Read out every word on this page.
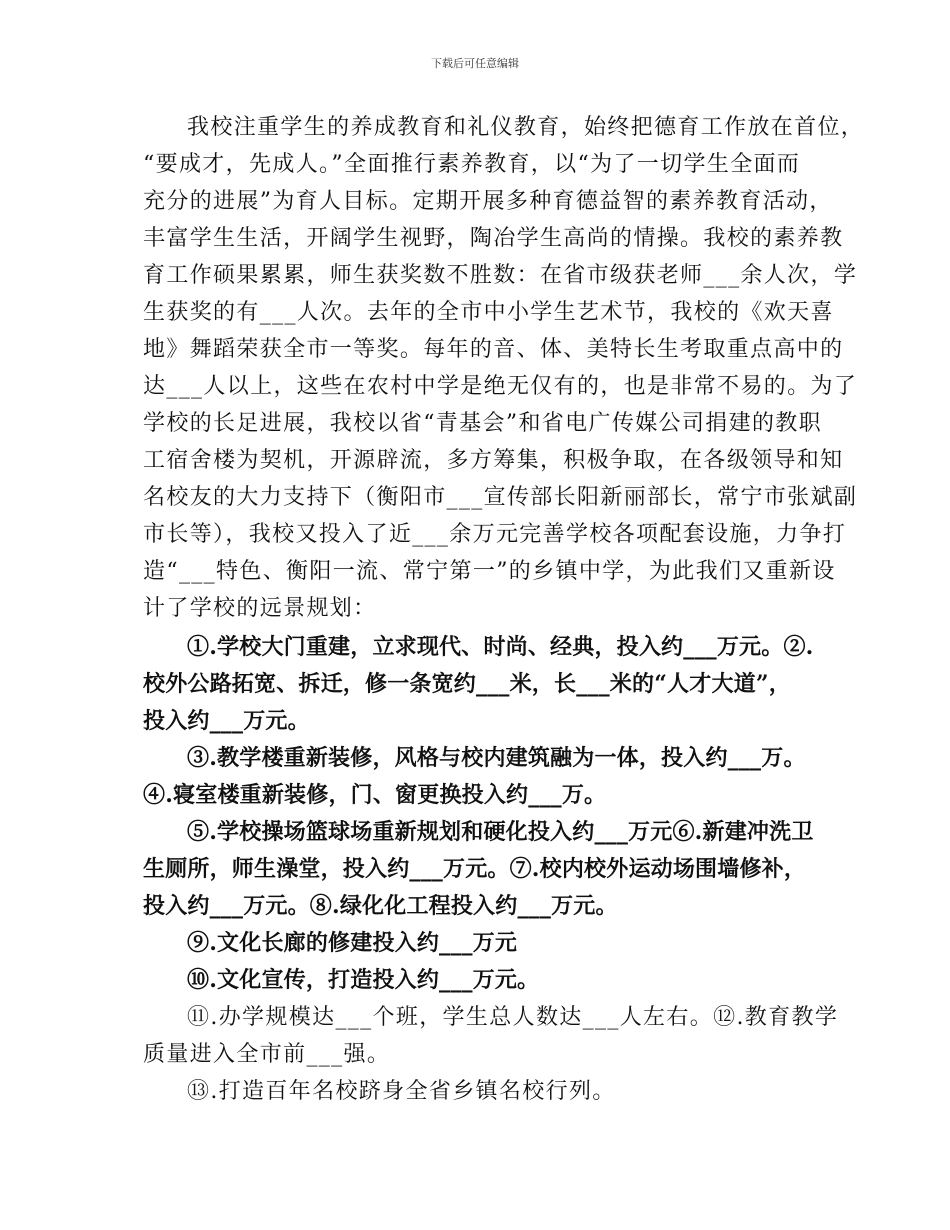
下载后可任意编辑
我校注重学生的养成教育和礼仪教育，始终把德育工作放在首位，
“要成才，先成人。”全面推行素养教育，以“为了一切学生全面而
充分的进展”为育人目标。定期开展多种育德益智的素养教育活动，
丰富学生生活，开阔学生视野，陶冶学生高尚的情操。我校的素养教
育工作硕果累累，师生获奖数不胜数：在省市级获老师___余人次，学
生获奖的有___人次。去年的全市中小学生艺术节，我校的《欢天喜
地》舞蹈荣获全市一等奖。每年的音、体、美特长生考取重点高中的
达___人以上，这些在农村中学是绝无仅有的，也是非常不易的。为了
学校的长足进展，我校以省“青基会”和省电广传媒公司捐建的教职
工宿舍楼为契机，开源辟流，多方筹集，积极争取，在各级领导和知
名校友的大力支持下（衡阳市___宣传部长阳新丽部长，常宁市张斌副
市长等），我校又投入了近___余万元完善学校各项配套设施，力争打
造“___特色、衡阳一流、常宁第一”的乡镇中学，为此我们又重新设
计了学校的远景规划：
①.学校大门重建，立求现代、时尚、经典，投入约___万元。②.
校外公路拓宽、拆迁，修一条宽约___米，长___米的“人才大道”，
投入约___万元。
③.教学楼重新装修，风格与校内建筑融为一体，投入约___万。
④.寝室楼重新装修，门、窗更换投入约___万。
⑤.学校操场篮球场重新规划和硬化投入约___万元⑥.新建冲洗卫
生厕所，师生澡堂，投入约___万元。⑦.校内校外运动场围墙修补，
投入约___万元。⑧.绿化化工程投入约___万元。
⑨.文化长廊的修建投入约___万元
⑩.文化宣传，打造投入约___万元。
⑪.办学规模达___个班，学生总人数达___人左右。⑫.教育教学
质量进入全市前___强。
⑬.打造百年名校跻身全省乡镇名校行列。
